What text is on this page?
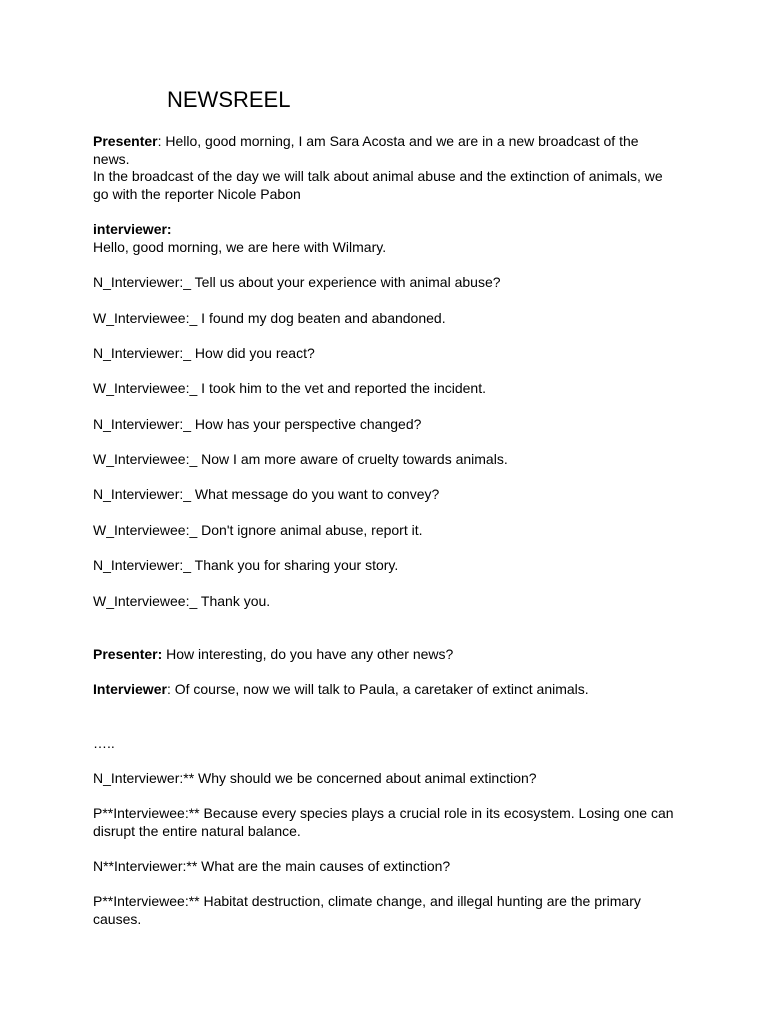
NEWSREEL

Presenter: Hello, good morning, I am Sara Acosta and we are in a new broadcast of the news.

In the broadcast of the day we will talk about animal abuse and the extinction of animals, we go with the reporter Nicole Pabon

interviewer:

Hello, good morning, we are here with Wilmary.

N_Interviewer:_ Tell us about your experience with animal abuse?

W_Interviewee:_ I found my dog beaten and abandoned.

N_Interviewer:_ How did you react?

W_Interviewee:_ I took him to the vet and reported the incident.

N_Interviewer:_ How has your perspective changed?

W_Interviewee:_ Now I am more aware of cruelty towards animals.

N_Interviewer:_ What message do you want to convey?

W_Interviewee:_ Don't ignore animal abuse, report it.

N_Interviewer:_ Thank you for sharing your story.

W_Interviewee:_ Thank you.

Presenter: How interesting, do you have any other news?

Interviewer: Of course, now we will talk to Paula, a caretaker of extinct animals.

…..

N_Interviewer:** Why should we be concerned about animal extinction?

P**Interviewee:** Because every species plays a crucial role in its ecosystem. Losing one can disrupt the entire natural balance.

N**Interviewer:** What are the main causes of extinction?

P**Interviewee:** Habitat destruction, climate change, and illegal hunting are the primary causes.
